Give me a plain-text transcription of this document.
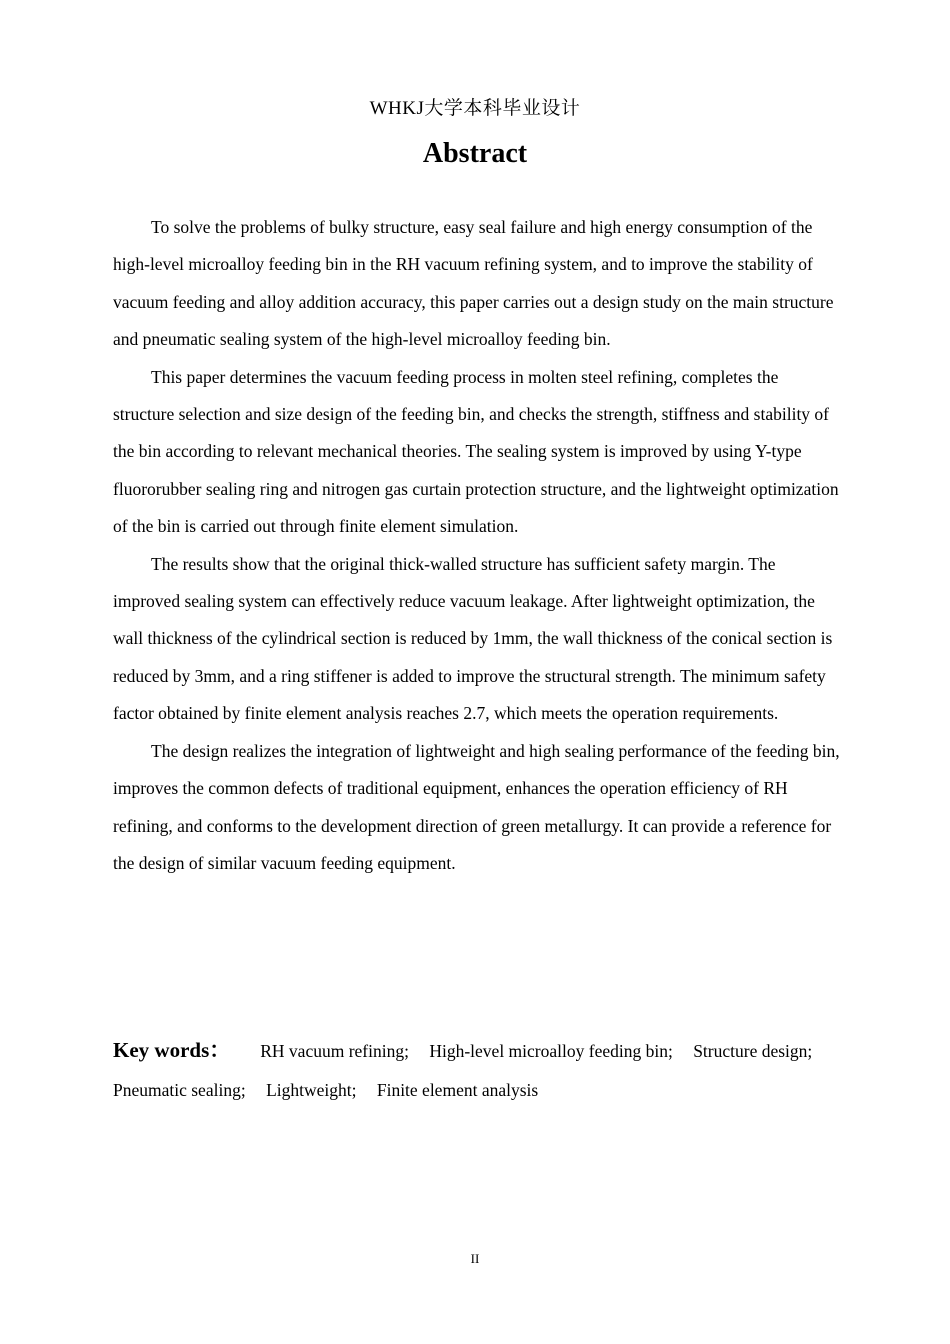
WHKJ大学本科毕业设计
Abstract

To solve the problems of bulky structure, easy seal failure and high energy consumption of the high-level microalloy feeding bin in the RH vacuum refining system, and to improve the stability of vacuum feeding and alloy addition accuracy, this paper carries out a design study on the main structure and pneumatic sealing system of the high-level microalloy feeding bin.

This paper determines the vacuum feeding process in molten steel refining, completes the structure selection and size design of the feeding bin, and checks the strength, stiffness and stability of the bin according to relevant mechanical theories. The sealing system is improved by using Y-type fluororubber sealing ring and nitrogen gas curtain protection structure, and the lightweight optimization of the bin is carried out through finite element simulation.

The results show that the original thick-walled structure has sufficient safety margin. The improved sealing system can effectively reduce vacuum leakage. After lightweight optimization, the wall thickness of the cylindrical section is reduced by 1mm, the wall thickness of the conical section is reduced by 3mm, and a ring stiffener is added to improve the structural strength. The minimum safety factor obtained by finite element analysis reaches 2.7, which meets the operation requirements.

The design realizes the integration of lightweight and high sealing performance of the feeding bin, improves the common defects of traditional equipment, enhances the operation efficiency of RH refining, and conforms to the development direction of green metallurgy. It can provide a reference for the design of similar vacuum feeding equipment.

Key words： RH vacuum refining; High-level microalloy feeding bin; Structure design; Pneumatic sealing; Lightweight; Finite element analysis
II
